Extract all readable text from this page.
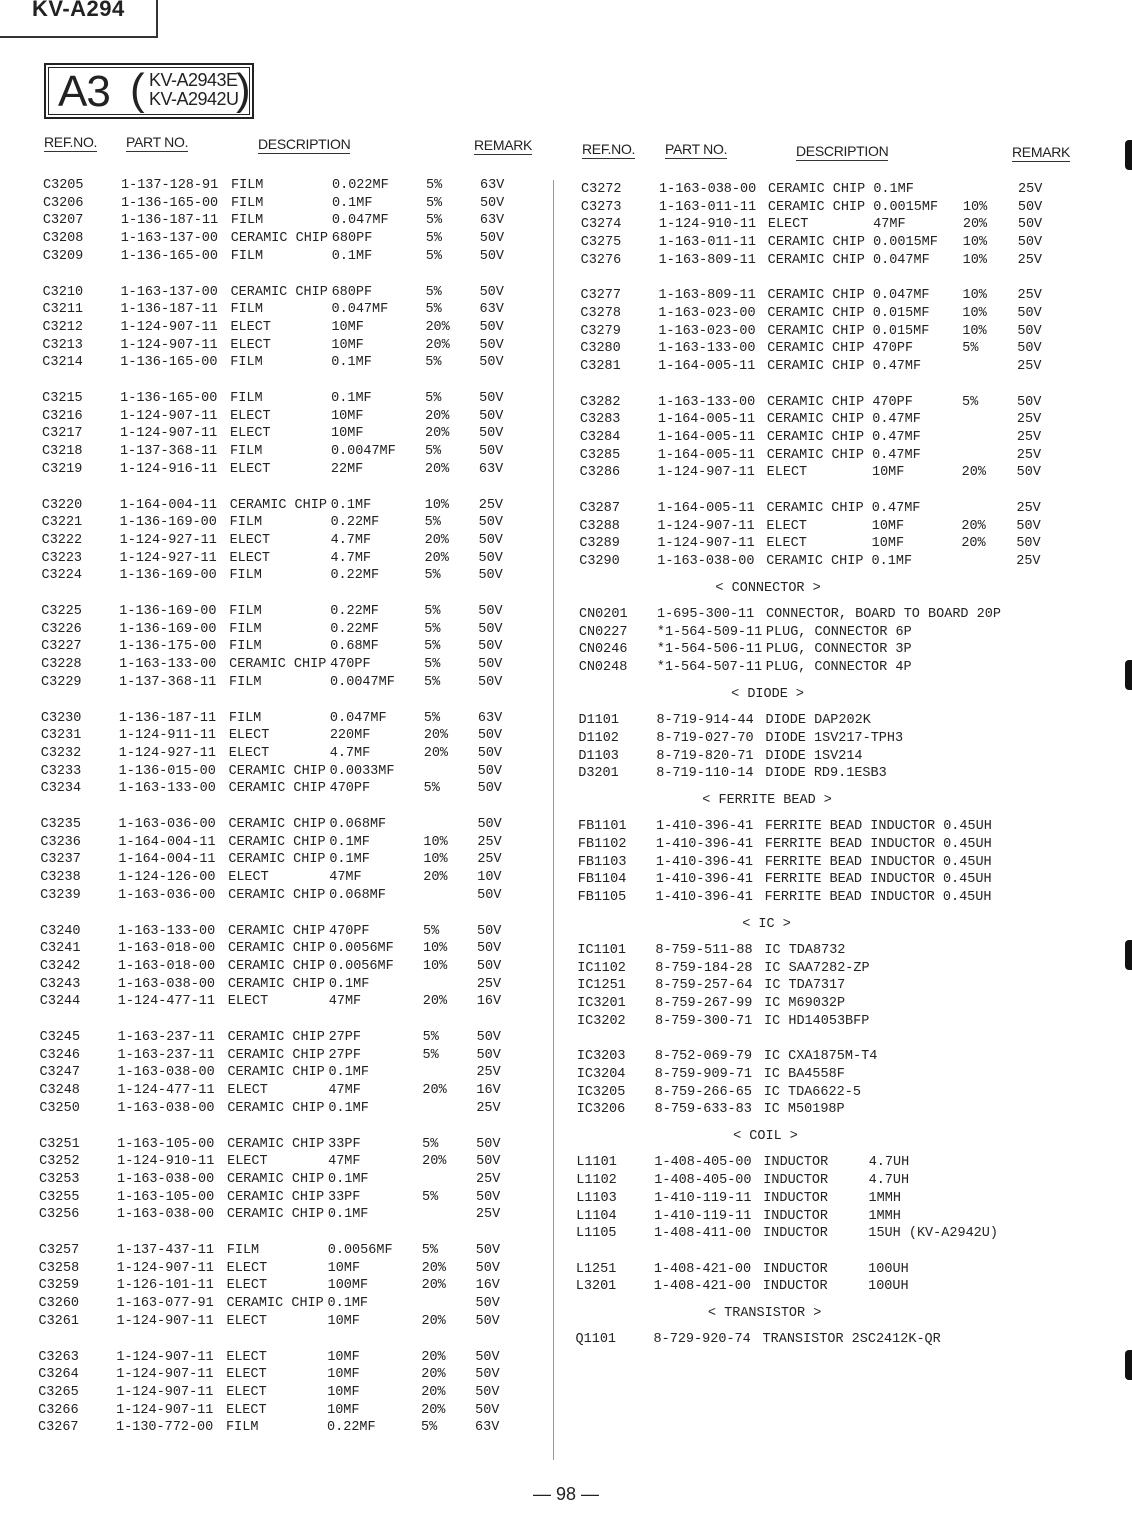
KV-A294
A3 ( KV-A2943E
KV-A2942U
)
REF.NO. PART NO.	DESCRIPTION	REMARK	REF.NO. PART NO.	DESCRIPTION	REMARK
C3205	1-137-128-91 FILM	0.022MF	5%	63V
C3206	1-136-165-00 FILM	0.1MF	5%	50V
C3207	1-136-187-11 FILM	0.047MF	5%	63V
C3208	1-163-137-00 CERAMIC CHIP 680PF	5%	50V
C3209	1-136-165-00 FILM	0.1MF	5%	50V
C3210	1-163-137-00 CERAMIC CHIP 680PF	5%	50V
C3211	1-136-187-11 FILM	0.047MF	5%	63V
C3212	1-124-907-11 ELECT	10MF	20% 50V
C3213	1-124-907-11 ELECT	10MF	20% 50V
C3214	1-136-165-00 FILM	0.1MF	5%	50V
C3215	1-136-165-00 FILM	0.1MF	5%	50V
C3216	1-124-907-11 ELECT	10MF	20% 50V
C3217	1-124-907-11 ELECT	10MF	20% 50V
C3218	1-137-368-11 FILM	0.0047MF 5%	50V
C3219	1-124-916-11 ELECT	22MF	20% 63V
C3220	1-164-004-11 CERAMIC CHIP 0.1MF	10% 25V
C3221	1-136-169-00 FILM	0.22MF	5%	50V
C3222	1-124-927-11 ELECT	4.7MF	20% 50V
C3223	1-124-927-11 ELECT	4.7MF	20% 50V
C3224	1-136-169-00 FILM	0.22MF	5%	50V
C3225	1-136-169-00 FILM	0.22MF	5%	50V
C3226	1-136-169-00 FILM	0.22MF	5%	50V
C3227	1-136-175-00 FILM	0.68MF	5%	50V
C3228	1-163-133-00 CERAMIC CHIP 470PF	5%	50V
C3229	1-137-368-11 FILM	0.0047MF 5%	50V
C3230	1-136-187-11 FILM	0.047MF	5%	63V
C3231	1-124-911-11 ELECT	220MF	20% 50V
C3232	1-124-927-11 ELECT	4.7MF	20% 50V
C3233	1-136-015-00 CERAMIC CHIP 0.0033MF	50V
C3234	1-163-133-00 CERAMIC CHIP 470PF	5%	50V
C3235	1-163-036-00 CERAMIC CHIP 0.068MF	50V
C3236	1-164-004-11 CERAMIC CHIP 0.1MF	10% 25V
C3237	1-164-004-11 CERAMIC CHIP 0.1MF	10% 25V
C3238	1-124-126-00 ELECT	47MF	20% 10V
C3239	1-163-036-00 CERAMIC CHIP 0.068MF	50V
C3240	1-163-133-00 CERAMIC CHIP 470PF	5%	50V
C3241	1-163-018-00 CERAMIC CHIP 0.0056MF 10% 50V
C3242	1-163-018-00 CERAMIC CHIP 0.0056MF 10% 50V
C3243	1-163-038-00 CERAMIC CHIP 0.1MF	25V
C3244	1-124-477-11 ELECT	47MF	20% 16V
C3245	1-163-237-11 CERAMIC CHIP 27PF	5%	50V
C3246	1-163-237-11 CERAMIC CHIP 27PF	5%	50V
C3247	1-163-038-00 CERAMIC CHIP 0.1MF	25V
C3248	1-124-477-11 ELECT	47MF	20% 16V
C3250	1-163-038-00 CERAMIC CHIP 0.1MF	25V
C3251	1-163-105-00 CERAMIC CHIP 33PF	5%	50V
C3252	1-124-910-11 ELECT	47MF	20% 50V
C3253	1-163-038-00 CERAMIC CHIP 0.1MF	25V
C3255	1-163-105-00 CERAMIC CHIP 33PF	5%	50V
C3256	1-163-038-00 CERAMIC CHIP 0.1MF	25V
C3257	1-137-437-11 FILM	0.0056MF 5%	50V
C3258	1-124-907-11 ELECT	10MF	20% 50V
C3259	1-126-101-11 ELECT	100MF	20% 16V
C3260	1-163-077-91 CERAMIC CHIP 0.1MF	50V
C3261	1-124-907-11 ELECT	10MF	20% 50V
C3263	1-124-907-11 ELECT	10MF	20% 50V
C3264	1-124-907-11 ELECT	10MF	20% 50V
C3265	1-124-907-11 ELECT	10MF	20% 50V
C3266	1-124-907-11 ELECT	10MF	20% 50V
C3267	1-130-772-00 FILM	0.22MF	5%	63V
C3272	1-163-038-00 CERAMIC CHIP 0.1MF	25V
C3273	1-163-011-11 CERAMIC CHIP 0.0015MF 10% 50V
C3274	1-124-910-11 ELECT        47MF	20% 50V
C3275	1-163-011-11 CERAMIC CHIP 0.0015MF 10% 50V
C3276	1-163-809-11 CERAMIC CHIP 0.047MF 10% 25V
C3277	1-163-809-11 CERAMIC CHIP 0.047MF 10% 25V
C3278	1-163-023-00 CERAMIC CHIP 0.015MF 10% 50V
C3279	1-163-023-00 CERAMIC CHIP 0.015MF 10% 50V
C3280	1-163-133-00 CERAMIC CHIP 470PF	5%	50V
C3281	1-164-005-11 CERAMIC CHIP 0.47MF	25V
C3282	1-163-133-00 CERAMIC CHIP 470PF	5%	50V
C3283	1-164-005-11 CERAMIC CHIP 0.47MF	25V
C3284	1-164-005-11 CERAMIC CHIP 0.47MF	25V
C3285	1-164-005-11 CERAMIC CHIP 0.47MF	25V
C3286	1-124-907-11 ELECT        10MF	20% 50V
C3287	1-164-005-11 CERAMIC CHIP 0.47MF	25V
C3288	1-124-907-11 ELECT        10MF	20% 50V
C3289	1-124-907-11 ELECT        10MF	20% 50V
C3290	1-163-038-00 CERAMIC CHIP 0.1MF	25V
< CONNECTOR >
CN0201 1-695-300-11 CONNECTOR, BOARD TO BOARD 20P
CN0227 *1-564-509-11 PLUG, CONNECTOR 6P
CN0246 *1-564-506-11 PLUG, CONNECTOR 3P
CN0248 *1-564-507-11 PLUG, CONNECTOR 4P
< DIODE >
D1101	8-719-914-44 DIODE DAP202K
D1102	8-719-027-70 DIODE 1SV217-TPH3
D1103	8-719-820-71 DIODE 1SV214
D3201	8-719-110-14 DIODE RD9.1ESB3
< FERRITE BEAD >
FB1101 1-410-396-41 FERRITE BEAD INDUCTOR 0.45UH
FB1102 1-410-396-41 FERRITE BEAD INDUCTOR 0.45UH
FB1103 1-410-396-41 FERRITE BEAD INDUCTOR 0.45UH
FB1104 1-410-396-41 FERRITE BEAD INDUCTOR 0.45UH
FB1105 1-410-396-41 FERRITE BEAD INDUCTOR 0.45UH
< IC >
IC1101 8-759-511-88 IC TDA8732
IC1102 8-759-184-28 IC SAA7282-ZP
IC1251 8-759-257-64 IC TDA7317
IC3201 8-759-267-99 IC M69032P
IC3202 8-759-300-71 IC HD14053BFP
IC3203 8-752-069-79 IC CXA1875M-T4
IC3204 8-759-909-71 IC BA4558F
IC3205 8-759-266-65 IC TDA6622-5
IC3206 8-759-633-83 IC M50198P
< COIL >
L1101	1-408-405-00 INDUCTOR     4.7UH
L1102	1-408-405-00 INDUCTOR     4.7UH
L1103	1-410-119-11 INDUCTOR     1MMH
L1104	1-410-119-11 INDUCTOR     1MMH
L1105	1-408-411-00 INDUCTOR     15UH (KV-A2942U)
L1251	1-408-421-00 INDUCTOR     100UH
L3201	1-408-421-00 INDUCTOR     100UH
< TRANSISTOR >
Q1101	8-729-920-74 TRANSISTOR 2SC2412K-QR
— 98 —
